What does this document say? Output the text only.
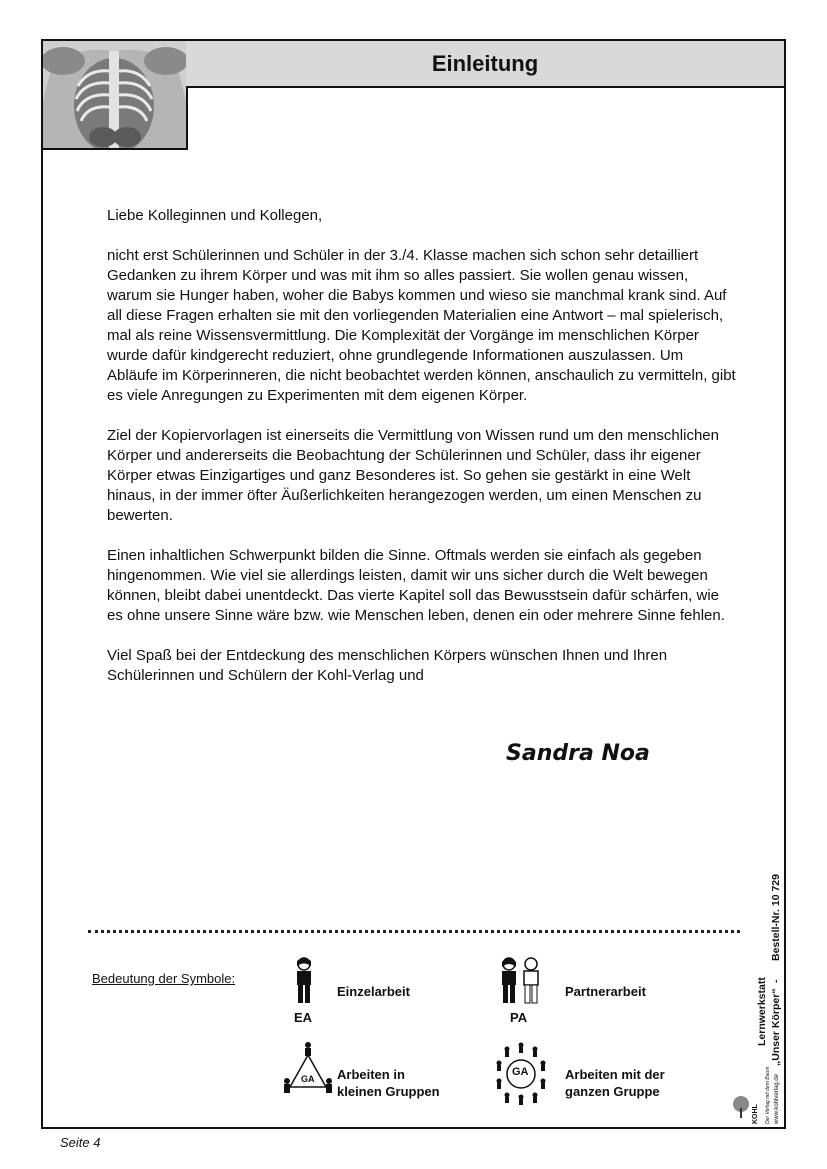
Einleitung

Liebe Kolleginnen und Kollegen,

nicht erst Schülerinnen und Schüler in der 3./4. Klasse machen sich schon sehr detailliert Gedanken zu ihrem Körper und was mit ihm so alles passiert. Sie wollen genau wissen, warum sie Hunger haben, woher die Babys kommen und wieso sie manchmal krank sind. Auf all diese Fragen erhalten sie mit den vorliegenden Materialien eine Antwort – mal spielerisch, mal als reine Wissensvermittlung. Die Komplexität der Vorgänge im menschlichen Körper wurde dafür kindgerecht reduziert, ohne grundlegende Informationen auszulassen. Um Abläufe im Körperinneren, die nicht beobachtet werden können, anschaulich zu vermitteln, gibt es viele Anregungen zu Experimenten mit dem eigenen Körper.

Ziel der Kopiervorlagen ist einerseits die Vermittlung von Wissen rund um den menschlichen Körper und andererseits die Beobachtung der Schülerinnen und Schüler, dass ihr eigener Körper etwas Einzigartiges und ganz Besonderes ist. So gehen sie gestärkt in eine Welt hinaus, in der immer öfter Äußerlichkeiten herangezogen werden, um einen Menschen zu bewerten.

Einen inhaltlichen Schwerpunkt bilden die Sinne. Oftmals werden sie einfach als gegeben hingenommen. Wie viel sie allerdings leisten, damit wir uns sicher durch die Welt bewegen können, bleibt dabei unentdeckt. Das vierte Kapitel soll das Bewusstsein dafür schärfen, wie es ohne unsere Sinne wäre bzw. wie Menschen leben, denen ein oder mehrere Sinne fehlen.

Viel Spaß bei der Entdeckung des menschlichen Körpers wünschen Ihnen und Ihren Schülerinnen und Schülern der Kohl-Verlag und

Sandra Noa
Bedeutung der Symbole:
EA
Einzelarbeit
PA
Partnerarbeit
GA Arbeiten in
kleinen Gruppen
GA	Arbeiten mit der
ganzen Gruppe
Bestell-Nr. 10 729
-
„Unser Körper“
Lernwerkstatt
www.kohlverlag.de
Der Verlag mit dem Baum
KOHL
Seite 4
